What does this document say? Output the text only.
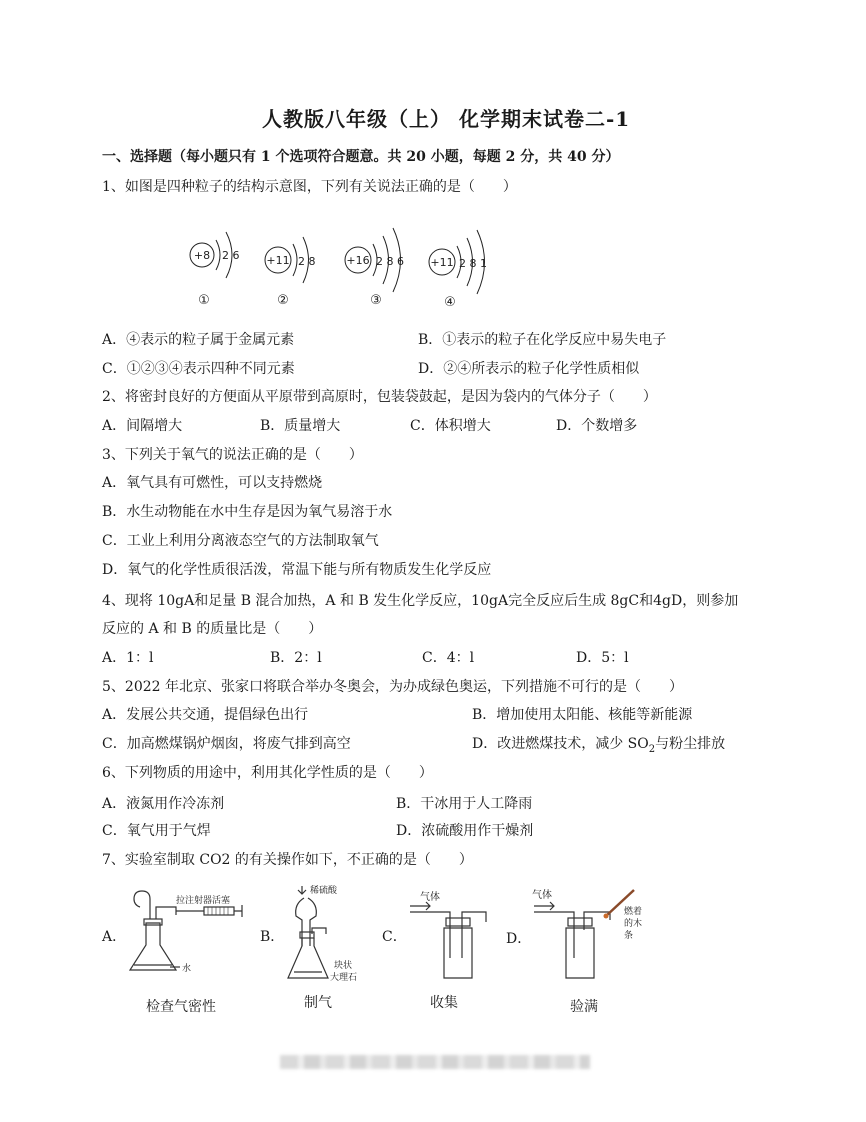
人教版八年级（上） 化学期末试卷二-1
一、选择题（每小题只有 1 个选项符合题意。共 20 小题，每题 2 分，共 40 分）
1、如图是四种粒子的结构示意图，下列有关说法正确的是（　　）
+8 2 6
①
+11 2 8
②
+16 2 8 6
③
+11 2 8 1
④
A．④表示的粒子属于金属元素	B．①表示的粒子在化学反应中易失电子
C．①②③④表示四种不同元素	D．②④所表示的粒子化学性质相似
2、将密封良好的方便面从平原带到高原时，包装袋鼓起，是因为袋内的气体分子（　　）
A．间隔增大	B．质量增大	C．体积增大	D．个数增多
3、下列关于氧气的说法正确的是（　　）
A．氧气具有可燃性，可以支持燃烧
B．水生动物能在水中生存是因为氧气易溶于水
C．工业上利用分离液态空气的方法制取氧气
D．氧气的化学性质很活泼，常温下能与所有物质发生化学反应
4、现将 10gA和足量 B 混合加热，A 和 B 发生化学反应，10gA完全反应后生成 8gC和4gD，则参加
反应的 A 和 B 的质量比是（　　）
A．1：l	B．2：l	C．4：l	D．5：l
5、2022 年北京、张家口将联合举办冬奥会，为办成绿色奥运，下列措施不可行的是（　　）
A．发展公共交通，提倡绿色出行	B．增加使用太阳能、核能等新能源
C．加高燃煤锅炉烟囱，将废气排到高空	D．改进燃煤技术，减少 $SO_2$与粉尘排放
6、下列物质的用途中，利用其化学性质的是（　　）
A．液氮用作冷冻剂	B．干冰用于人工降雨
C．氧气用于气焊	D．浓硫酸用作干燥剂
7、实验室制取 CO2 的有关操作如下，不正确的是（　　）
A．	B．	C．	D．
拉注射器活塞
水
检查气密性
稀硫酸
块状
大理石
制气
气体
收集
气体
燃着
的木
条
验满
